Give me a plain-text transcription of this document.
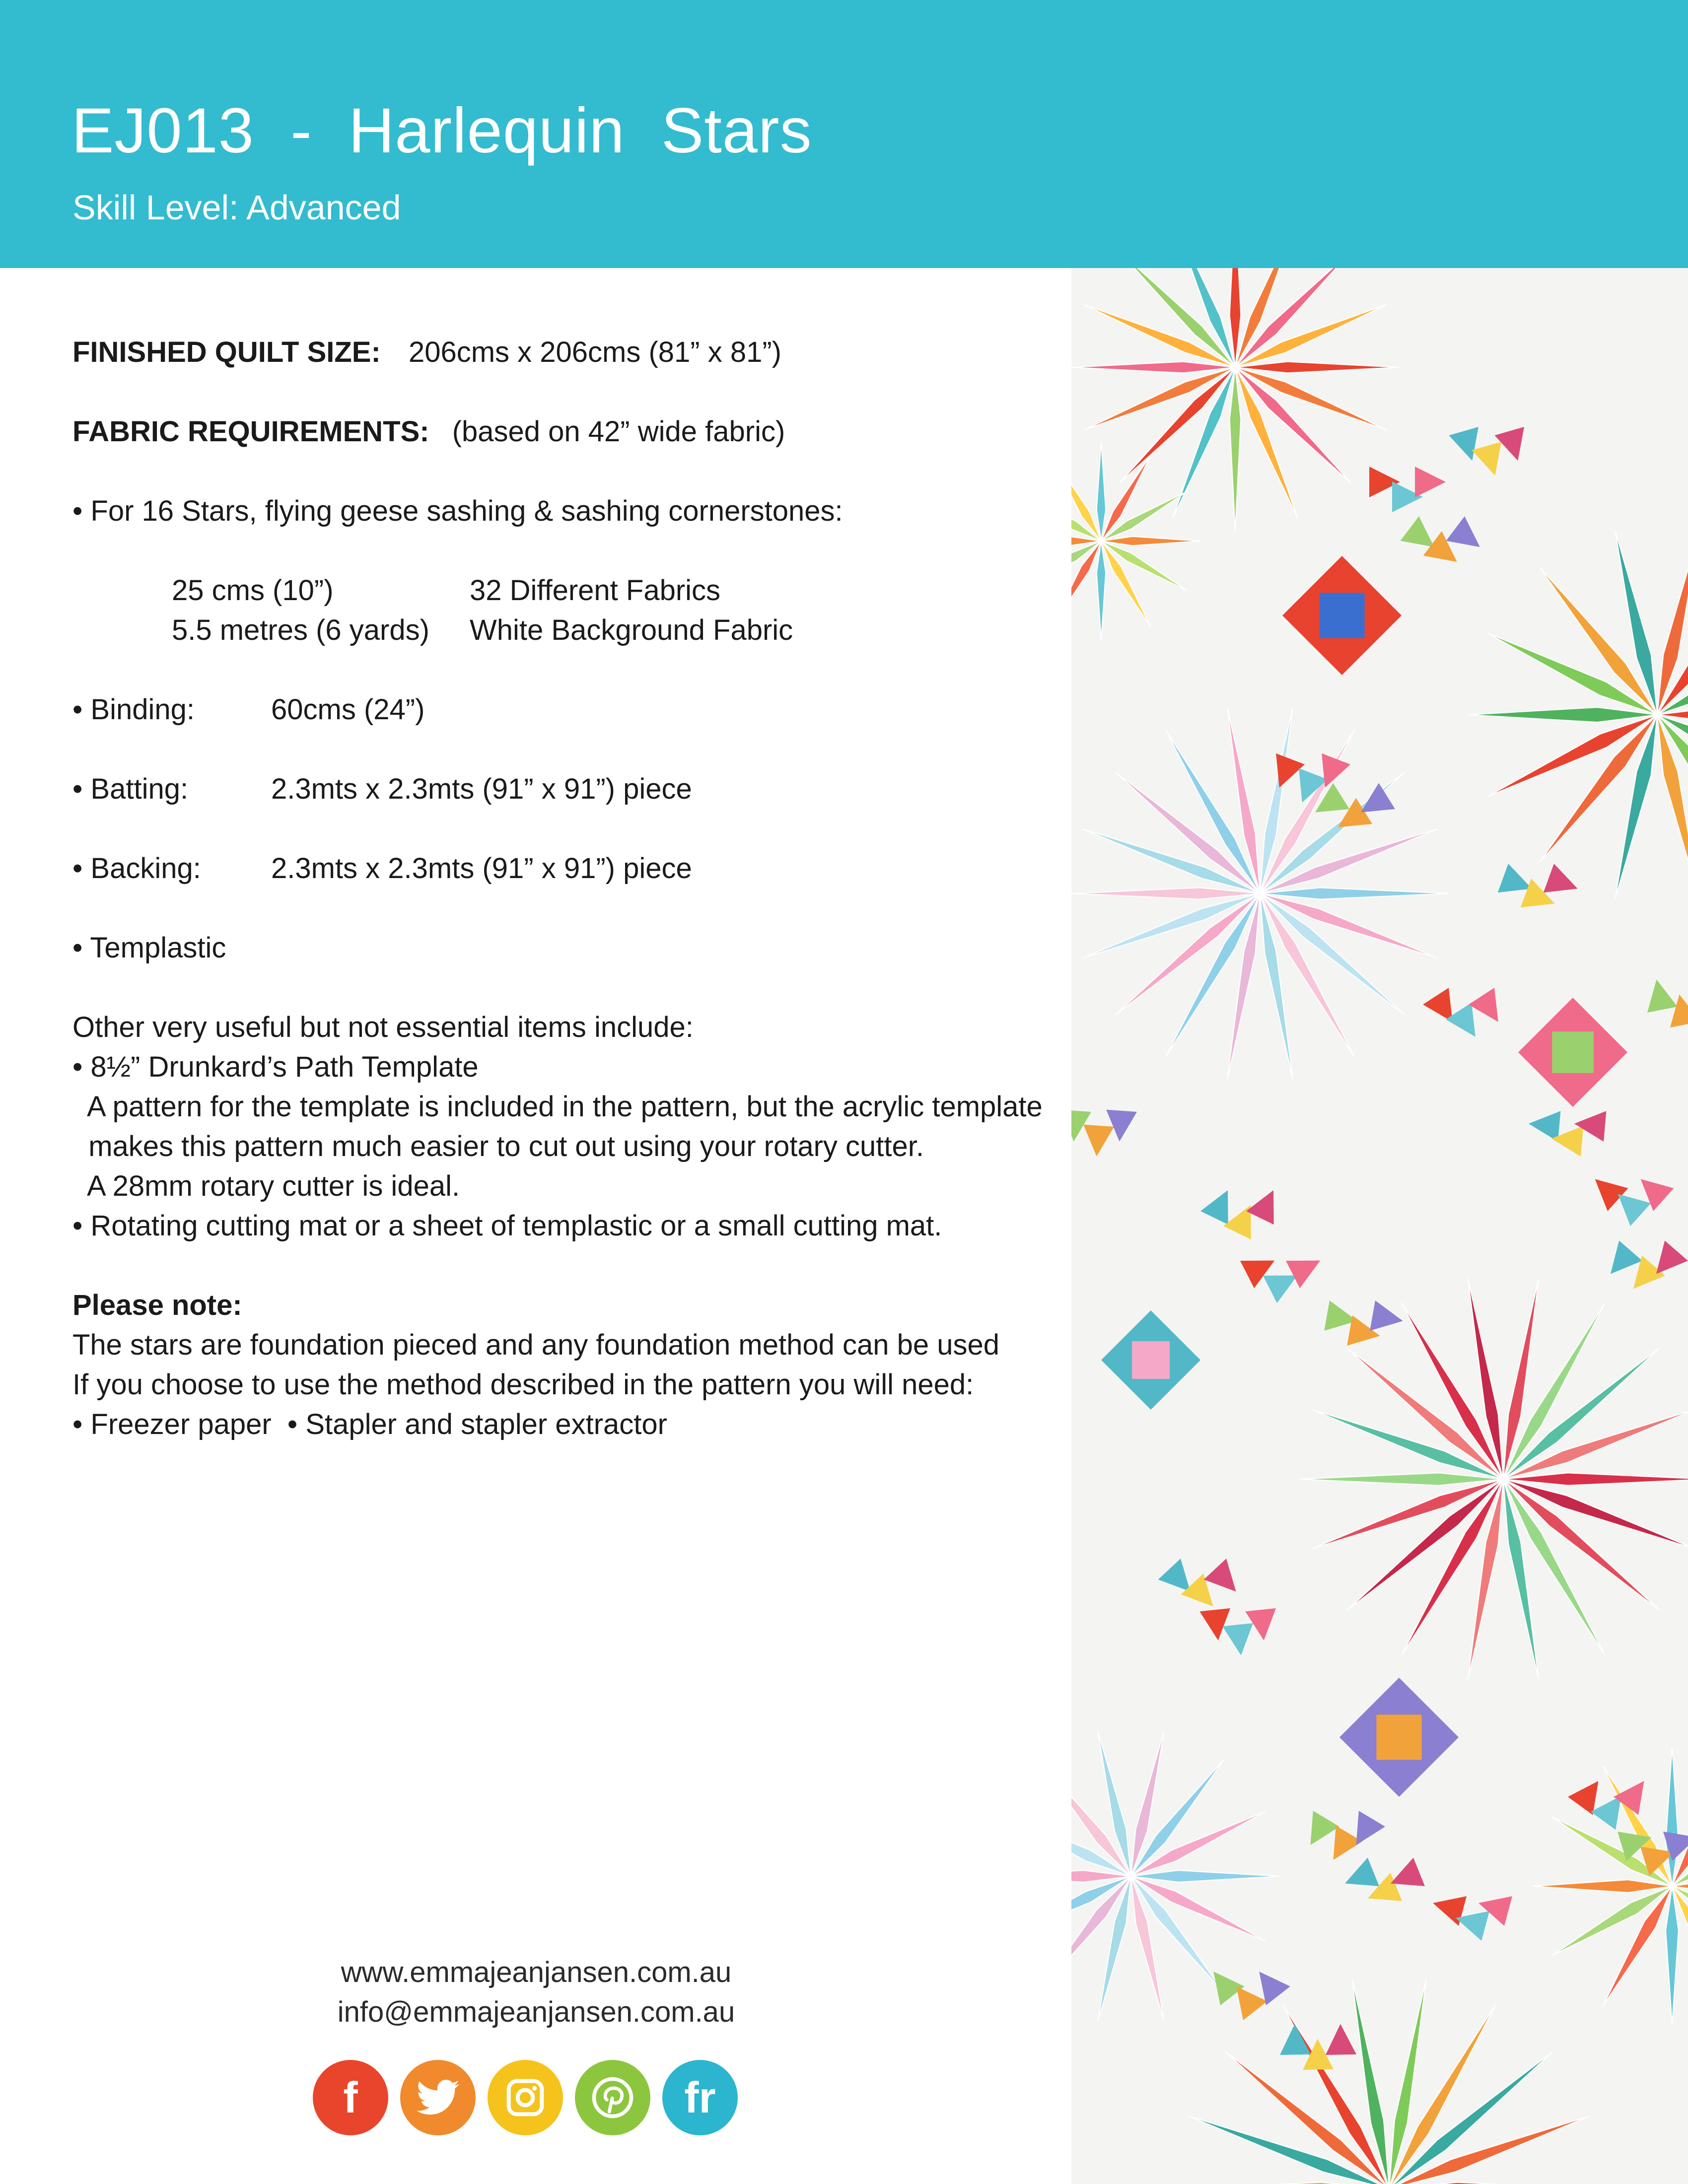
EJ013  -  Harlequin  Stars
Skill Level: Advanced
FINISHED QUILT SIZE: 206cms x 206cms (81” x 81”)
FABRIC REQUIREMENTS: (based on 42” wide fabric)
• For 16 Stars, flying geese sashing & sashing cornerstones:
25 cms (10”)	32 Different Fabrics
5.5 metres (6 yards) White Background Fabric
• Binding:	60cms (24”)
• Batting:	2.3mts x 2.3mts (91” x 91”) piece
• Backing: 2.3mts x 2.3mts (91” x 91”) piece
• Templastic
Other very useful but not essential items include:
• 8½” Drunkard’s Path Template
A pattern for the template is included in the pattern, but the acrylic template
makes this pattern much easier to cut out using your rotary cutter.
A 28mm rotary cutter is ideal.
• Rotating cutting mat or a sheet of templastic or a small cutting mat.
Please note:
The stars are foundation pieced and any foundation method can be used
If you choose to use the method described in the pattern you will need:
• Freezer paper  • Stapler and stapler extractor
www.emmajeanjansen.com.au
info@emmajeanjansen.com.au
f	fr
